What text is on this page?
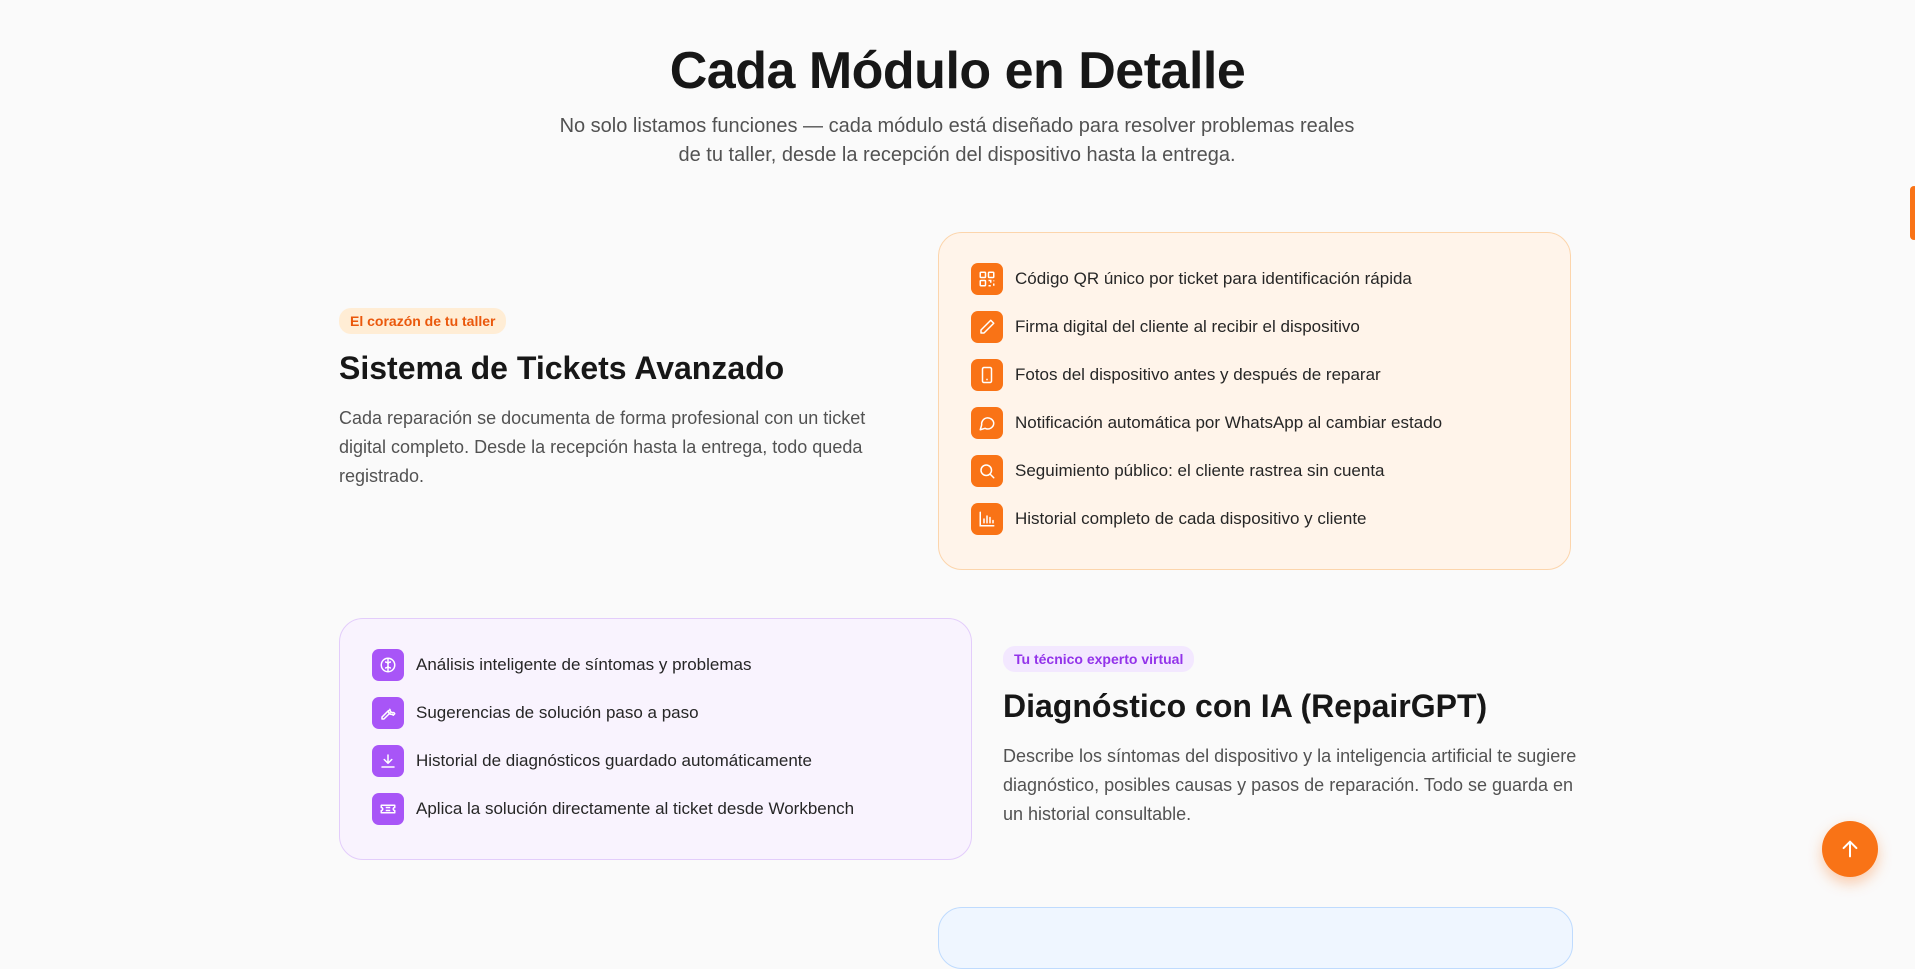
Cada Módulo en Detalle

No solo listamos funciones — cada módulo está diseñado para resolver problemas reales de tu taller, desde la recepción del dispositivo hasta la entrega.

El corazón de tu taller
Sistema de Tickets Avanzado

Cada reparación se documenta de forma profesional con un ticket digital completo. Desde la recepción hasta la entrega, todo queda registrado.

Código QR único por ticket para identificación rápida
Firma digital del cliente al recibir el dispositivo
Fotos del dispositivo antes y después de reparar
Notificación automática por WhatsApp al cambiar estado
Seguimiento público: el cliente rastrea sin cuenta
Historial completo de cada dispositivo y cliente
Análisis inteligente de síntomas y problemas
Sugerencias de solución paso a paso
Historial de diagnósticos guardado automáticamente
Aplica la solución directamente al ticket desde Workbench
Tu técnico experto virtual
Diagnóstico con IA (RepairGPT)

Describe los síntomas del dispositivo y la inteligencia artificial te sugiere diagnóstico, posibles causas y pasos de reparación. Todo se guarda en un historial consultable.
